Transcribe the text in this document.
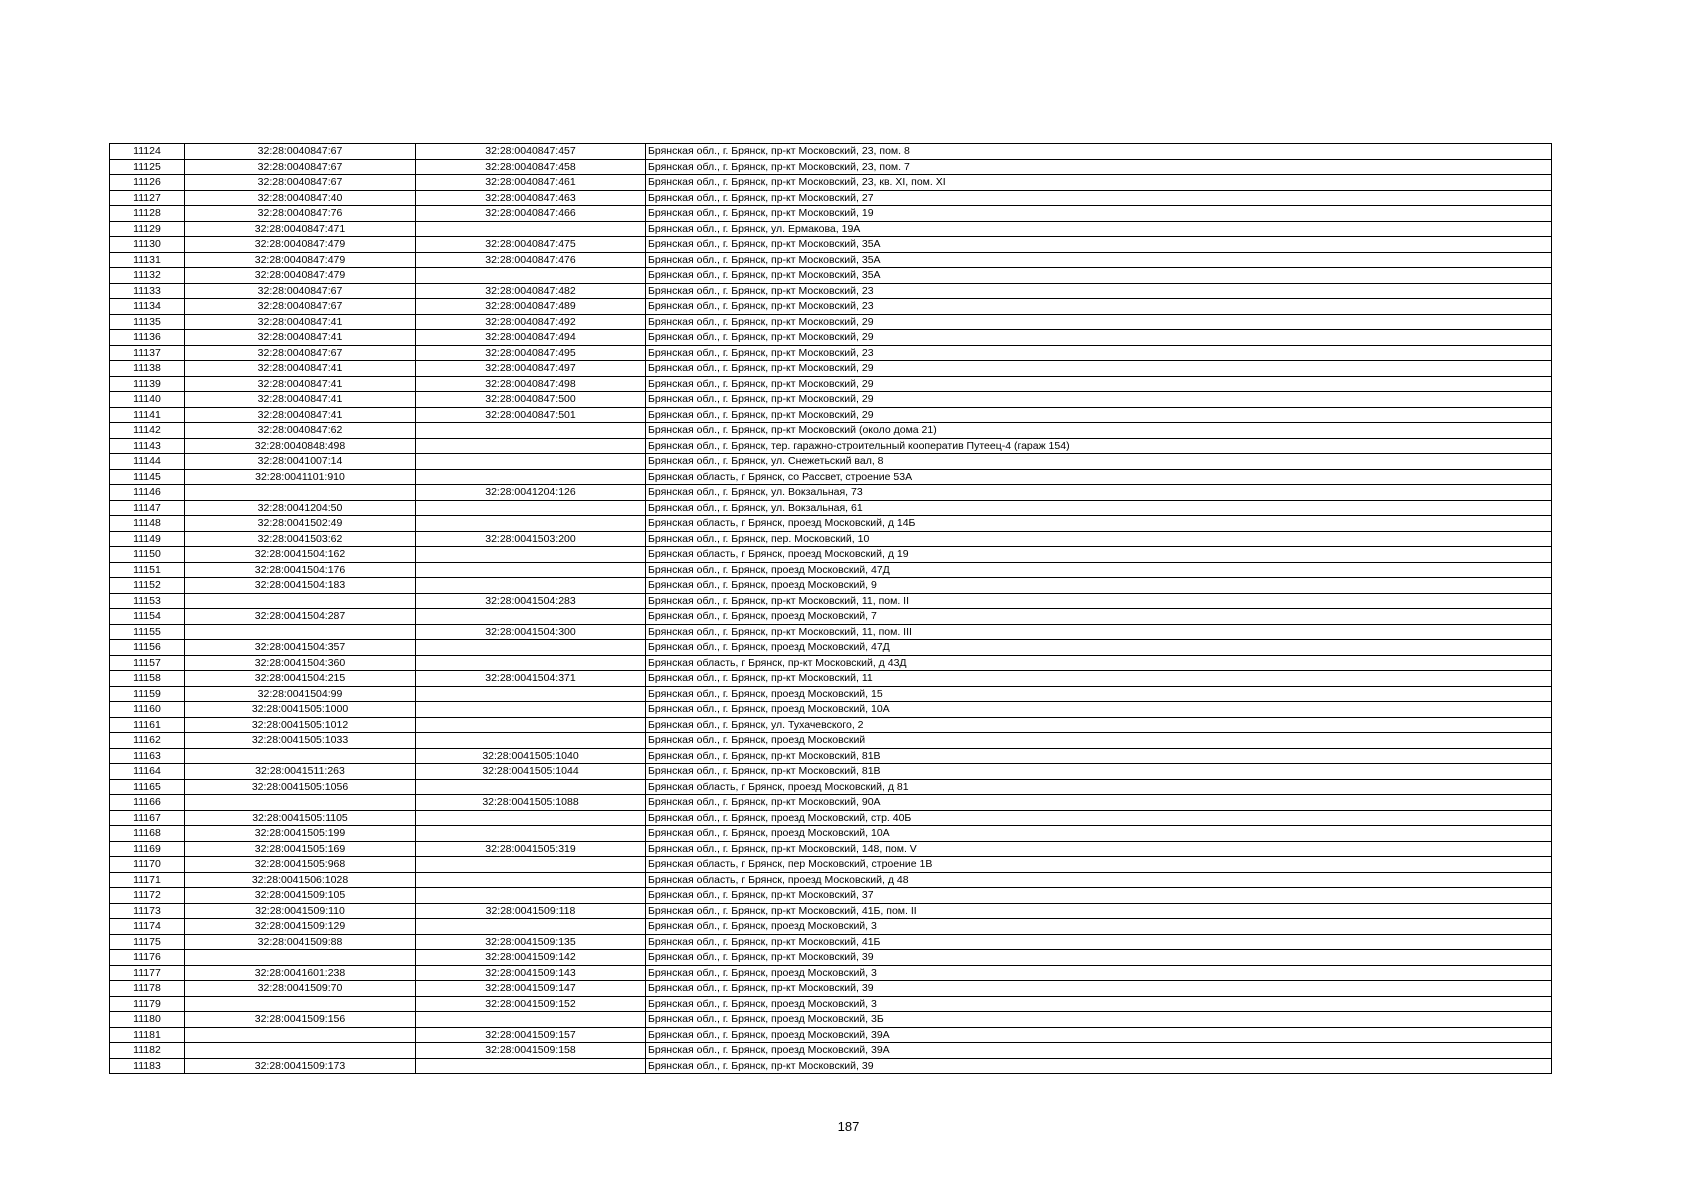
11124	32:28:0040847:67	32:28:0040847:457	Брянская обл., г. Брянск, пр-кт Московский, 23, пом. 8
11125	32:28:0040847:67	32:28:0040847:458	Брянская обл., г. Брянск, пр-кт Московский, 23, пом. 7
11126	32:28:0040847:67	32:28:0040847:461	Брянская обл., г. Брянск, пр-кт Московский, 23, кв. XI, пом. XI
11127	32:28:0040847:40	32:28:0040847:463	Брянская обл., г. Брянск, пр-кт Московский, 27
11128	32:28:0040847:76	32:28:0040847:466	Брянская обл., г. Брянск, пр-кт Московский, 19
11129	32:28:0040847:471		Брянская обл., г. Брянск, ул. Ермакова, 19А
11130	32:28:0040847:479	32:28:0040847:475	Брянская обл., г. Брянск, пр-кт Московский, 35А
11131	32:28:0040847:479	32:28:0040847:476	Брянская обл., г. Брянск, пр-кт Московский, 35А
11132	32:28:0040847:479		Брянская обл., г. Брянск, пр-кт Московский, 35А
11133	32:28:0040847:67	32:28:0040847:482	Брянская обл., г. Брянск, пр-кт Московский, 23
11134	32:28:0040847:67	32:28:0040847:489	Брянская обл., г. Брянск, пр-кт Московский, 23
11135	32:28:0040847:41	32:28:0040847:492	Брянская обл., г. Брянск, пр-кт Московский, 29
11136	32:28:0040847:41	32:28:0040847:494	Брянская обл., г. Брянск, пр-кт Московский, 29
11137	32:28:0040847:67	32:28:0040847:495	Брянская обл., г. Брянск, пр-кт Московский, 23
11138	32:28:0040847:41	32:28:0040847:497	Брянская обл., г. Брянск, пр-кт Московский, 29
11139	32:28:0040847:41	32:28:0040847:498	Брянская обл., г. Брянск, пр-кт Московский, 29
11140	32:28:0040847:41	32:28:0040847:500	Брянская обл., г. Брянск, пр-кт Московский, 29
11141	32:28:0040847:41	32:28:0040847:501	Брянская обл., г. Брянск, пр-кт Московский, 29
11142	32:28:0040847:62		Брянская обл., г. Брянск, пр-кт Московский (около дома 21)
11143	32:28:0040848:498		Брянская обл., г. Брянск, тер. гаражно-строительный кооператив Путеец-4 (гараж 154)
11144	32:28:0041007:14		Брянская обл., г. Брянск, ул. Снежетьский вал, 8
11145	32:28:0041101:910		Брянская область, г Брянск, со Рассвет, строение 53А
11146		32:28:0041204:126	Брянская обл., г. Брянск, ул. Вокзальная, 73
11147	32:28:0041204:50		Брянская обл., г. Брянск, ул. Вокзальная, 61
11148	32:28:0041502:49		Брянская область, г Брянск, проезд Московский, д 14Б
11149	32:28:0041503:62	32:28:0041503:200	Брянская обл., г. Брянск, пер. Московский, 10
11150	32:28:0041504:162		Брянская область, г Брянск, проезд Московский, д 19
11151	32:28:0041504:176		Брянская обл., г. Брянск, проезд Московский, 47Д
11152	32:28:0041504:183		Брянская обл., г. Брянск, проезд Московский, 9
11153		32:28:0041504:283	Брянская обл., г. Брянск, пр-кт Московский, 11, пом. II
11154	32:28:0041504:287		Брянская обл., г. Брянск, проезд Московский, 7
11155		32:28:0041504:300	Брянская обл., г. Брянск, пр-кт Московский, 11, пом. III
11156	32:28:0041504:357		Брянская обл., г. Брянск, проезд Московский, 47Д
11157	32:28:0041504:360		Брянская область, г Брянск, пр-кт Московский, д 43Д
11158	32:28:0041504:215	32:28:0041504:371	Брянская обл., г. Брянск, пр-кт Московский, 11
11159	32:28:0041504:99		Брянская обл., г. Брянск, проезд Московский, 15
11160	32:28:0041505:1000		Брянская обл., г. Брянск, проезд Московский, 10А
11161	32:28:0041505:1012		Брянская обл., г. Брянск, ул. Тухачевского, 2
11162	32:28:0041505:1033		Брянская обл., г. Брянск, проезд Московский
11163		32:28:0041505:1040	Брянская обл., г. Брянск, пр-кт Московский, 81В
11164	32:28:0041511:263	32:28:0041505:1044	Брянская обл., г. Брянск, пр-кт Московский, 81В
11165	32:28:0041505:1056		Брянская область, г Брянск, проезд Московский, д 81
11166		32:28:0041505:1088	Брянская обл., г. Брянск, пр-кт Московский, 90А
11167	32:28:0041505:1105		Брянская обл., г. Брянск, проезд Московский, стр. 40Б
11168	32:28:0041505:199		Брянская обл., г. Брянск, проезд Московский, 10А
11169	32:28:0041505:169	32:28:0041505:319	Брянская обл., г. Брянск, пр-кт Московский, 148, пом. V
11170	32:28:0041505:968		Брянская область, г Брянск, пер Московский, строение 1В
11171	32:28:0041506:1028		Брянская область, г Брянск, проезд Московский, д 48
11172	32:28:0041509:105		Брянская обл., г. Брянск, пр-кт Московский, 37
11173	32:28:0041509:110	32:28:0041509:118	Брянская обл., г. Брянск, пр-кт Московский, 41Б, пом. II
11174	32:28:0041509:129		Брянская обл., г. Брянск, проезд Московский, 3
11175	32:28:0041509:88	32:28:0041509:135	Брянская обл., г. Брянск, пр-кт Московский, 41Б
11176		32:28:0041509:142	Брянская обл., г. Брянск, пр-кт Московский, 39
11177	32:28:0041601:238	32:28:0041509:143	Брянская обл., г. Брянск, проезд Московский, 3
11178	32:28:0041509:70	32:28:0041509:147	Брянская обл., г. Брянск, пр-кт Московский, 39
11179		32:28:0041509:152	Брянская обл., г. Брянск, проезд Московский, 3
11180	32:28:0041509:156		Брянская обл., г. Брянск, проезд Московский, 3Б
11181		32:28:0041509:157	Брянская обл., г. Брянск, проезд Московский, 39А
11182		32:28:0041509:158	Брянская обл., г. Брянск, проезд Московский, 39А
11183	32:28:0041509:173		Брянская обл., г. Брянск, пр-кт Московский, 39
187
